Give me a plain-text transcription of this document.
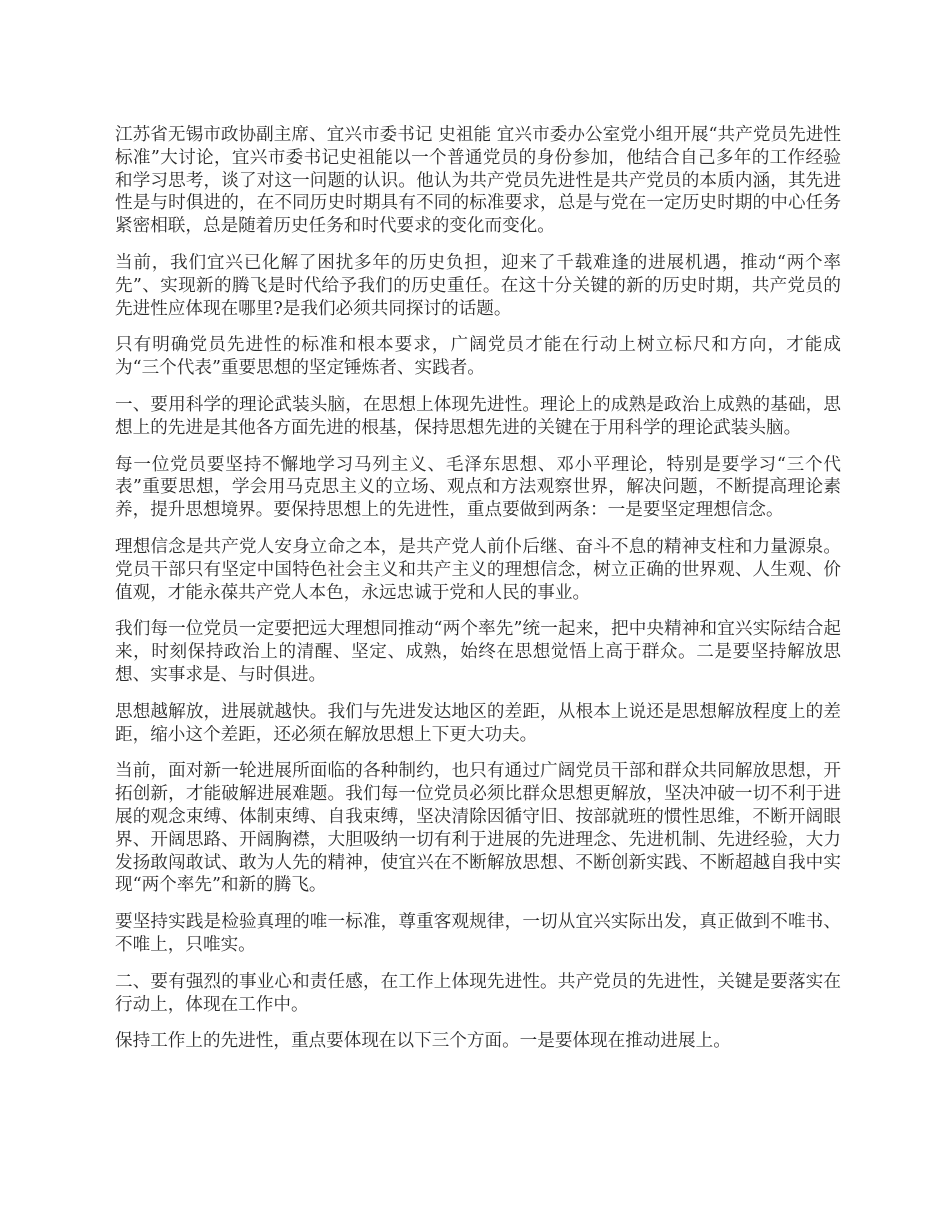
江苏省无锡市政协副主席、宜兴市委书记 史祖能 宜兴市委办公室党小组开展“共产党员先进性标准”大讨论，宜兴市委书记史祖能以一个普通党员的身份参加，他结合自己多年的工作经验和学习思考，谈了对这一问题的认识。他认为共产党员先进性是共产党员的本质内涵，其先进性是与时俱进的，在不同历史时期具有不同的标准要求，总是与党在一定历史时期的中心任务紧密相联，总是随着历史任务和时代要求的变化而变化。

当前，我们宜兴已化解了困扰多年的历史负担，迎来了千载难逢的进展机遇，推动“两个率先”、实现新的腾飞是时代给予我们的历史重任。在这十分关键的新的历史时期，共产党员的先进性应体现在哪里?是我们必须共同探讨的话题。

只有明确党员先进性的标准和根本要求，广阔党员才能在行动上树立标尺和方向，才能成为“三个代表”重要思想的坚定锤炼者、实践者。

一、要用科学的理论武装头脑，在思想上体现先进性。理论上的成熟是政治上成熟的基础，思想上的先进是其他各方面先进的根基，保持思想先进的关键在于用科学的理论武装头脑。

每一位党员要坚持不懈地学习马列主义、毛泽东思想、邓小平理论，特别是要学习“三个代表”重要思想，学会用马克思主义的立场、观点和方法观察世界，解决问题，不断提高理论素养，提升思想境界。要保持思想上的先进性，重点要做到两条：一是要坚定理想信念。

理想信念是共产党人安身立命之本，是共产党人前仆后继、奋斗不息的精神支柱和力量源泉。党员干部只有坚定中国特色社会主义和共产主义的理想信念，树立正确的世界观、人生观、价值观，才能永葆共产党人本色，永远忠诚于党和人民的事业。

我们每一位党员一定要把远大理想同推动“两个率先”统一起来，把中央精神和宜兴实际结合起来，时刻保持政治上的清醒、坚定、成熟，始终在思想觉悟上高于群众。二是要坚持解放思想、实事求是、与时俱进。

思想越解放，进展就越快。我们与先进发达地区的差距，从根本上说还是思想解放程度上的差距，缩小这个差距，还必须在解放思想上下更大功夫。

当前，面对新一轮进展所面临的各种制约，也只有通过广阔党员干部和群众共同解放思想，开拓创新，才能破解进展难题。我们每一位党员必须比群众思想更解放，坚决冲破一切不利于进展的观念束缚、体制束缚、自我束缚，坚决清除因循守旧、按部就班的惯性思维，不断开阔眼界、开阔思路、开阔胸襟，大胆吸纳一切有利于进展的先进理念、先进机制、先进经验，大力发扬敢闯敢试、敢为人先的精神，使宜兴在不断解放思想、不断创新实践、不断超越自我中实现“两个率先”和新的腾飞。

要坚持实践是检验真理的唯一标准，尊重客观规律，一切从宜兴实际出发，真正做到不唯书、不唯上，只唯实。

二、要有强烈的事业心和责任感，在工作上体现先进性。共产党员的先进性，关键是要落实在行动上，体现在工作中。

保持工作上的先进性，重点要体现在以下三个方面。一是要体现在推动进展上。
